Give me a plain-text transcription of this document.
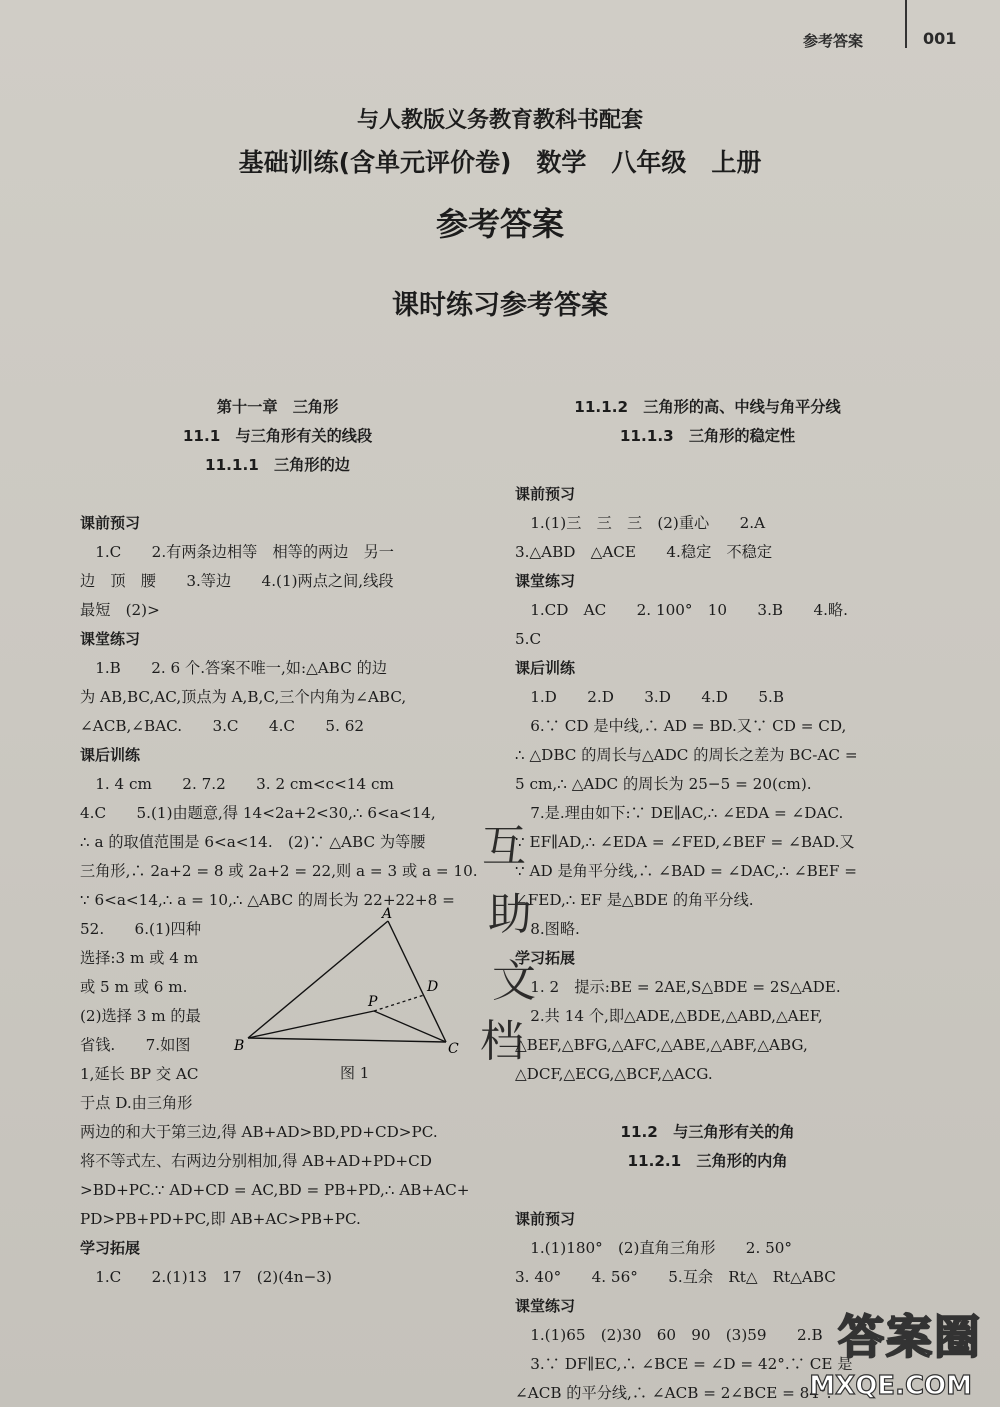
参考答案	001
与人教版义务教育教科书配套
基础训练(含单元评价卷)　数学　八年级　上册
参考答案
课时练习参考答案
第十一章　三角形
11.1　与三角形有关的线段
11.1.1　三角形的边
课前预习
　1.C　　2.有两条边相等　相等的两边　另一
边　顶　腰　　3.等边　　4.(1)两点之间,线段
最短　(2)>
课堂练习
　1.B　　2. 6 个.答案不唯一,如:△ABC 的边
为 AB,BC,AC,顶点为 A,B,C,三个内角为∠ABC,
∠ACB,∠BAC.　　3.C　　4.C　　5. 62
课后训练
　1. 4 cm　　2. 7.2　　3. 2 cm<c<14 cm
4.C　　5.(1)由题意,得 14<2a+2<30,∴ 6<a<14,
∴ a 的取值范围是 6<a<14.　(2)∵ △ABC 为等腰
三角形,∴ 2a+2 = 8 或 2a+2 = 22,则 a = 3 或 a = 10.
∵ 6<a<14,∴ a = 10,∴ △ABC 的周长为 22+22+8 =
52.　　6.(1)四种
选择:3 m 或 4 m
或 5 m 或 6 m.
(2)选择 3 m 的最
省钱.　　7.如图
1,延长 BP 交 AC
于点 D.由三角形
两边的和大于第三边,得 AB+AD>BD,PD+CD>PC.
将不等式左、右两边分别相加,得 AB+AD+PD+CD
>BD+PC.∵ AD+CD = AC,BD = PB+PD,∴ AB+AC+
PD>PB+PD+PC,即 AB+AC>PB+PC.
学习拓展
　1.C　　2.(1)13　17　(2)(4n−3)
11.1.2　三角形的高、中线与角平分线
11.1.3　三角形的稳定性
课前预习
　1.(1)三　三　三　(2)重心　　2.A
3.△ABD　△ACE　　4.稳定　不稳定
课堂练习
　1.CD　AC　　2. 100°　10　　3.B　　4.略.
5.C
课后训练
　1.D　　2.D　　3.D　　4.D　　5.B
　6.∵ CD 是中线,∴ AD = BD.又∵ CD = CD,
∴ △DBC 的周长与△ADC 的周长之差为 BC-AC =
5 cm,∴ △ADC 的周长为 25−5 = 20(cm).
　7.是.理由如下:∵ DE∥AC,∴ ∠EDA = ∠DAC.
∵ EF∥AD,∴ ∠EDA = ∠FED,∠BEF = ∠BAD.又
∵ AD 是角平分线,∴ ∠BAD = ∠DAC,∴ ∠BEF =
∠FED,∴ EF 是△BDE 的角平分线.
　8.图略.
学习拓展
　1. 2　提示:BE = 2AE,S△BDE = 2S△ADE.
　2.共 14 个,即△ADE,△BDE,△ABD,△AEF,
△BEF,△BFG,△AFC,△ABE,△ABF,△ABG,
△DCF,△ECG,△BCF,△ACG.
11.2　与三角形有关的角
11.2.1　三角形的内角
课前预习
　1.(1)180°　(2)直角三角形　　2. 50°
3. 40°　　4. 56°　　5.互余　Rt△　Rt△ABC
课堂练习
　1.(1)65　(2)30　60　90　(3)59　　2.B
　3.∵ DF∥EC,∴ ∠BCE = ∠D = 42°.∵ CE 是
∠ACB 的平分线,∴ ∠ACB = 2∠BCE = 84°.
A
B	C
D
P
图 1
互
助
文
档
答案圈
MXQE.COM
